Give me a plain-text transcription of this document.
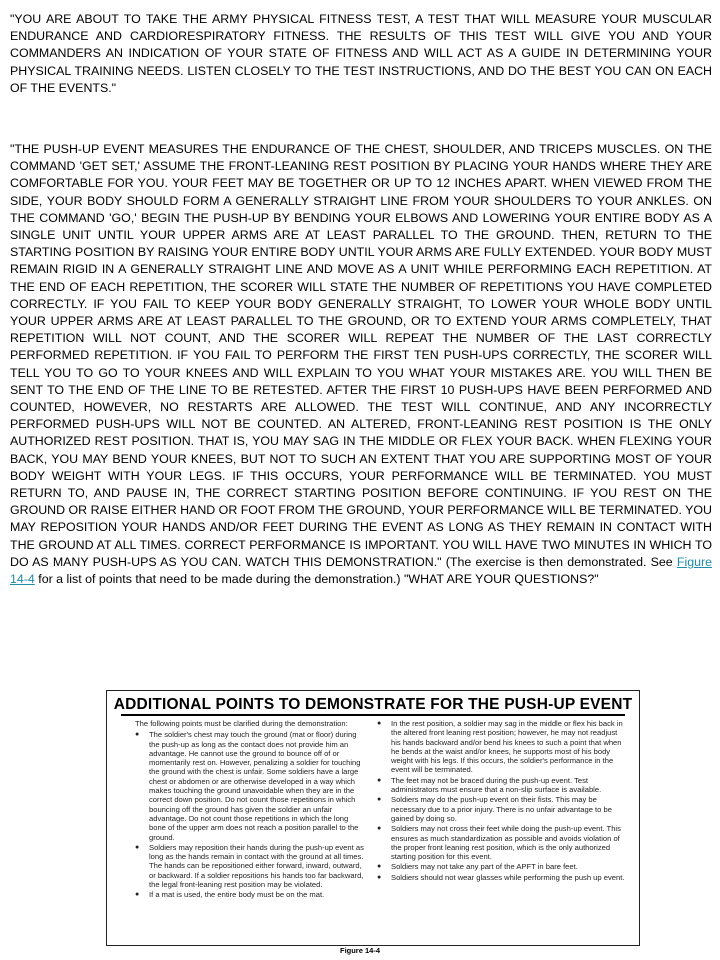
"YOU ARE ABOUT TO TAKE THE ARMY PHYSICAL FITNESS TEST, A TEST THAT WILL MEASURE YOUR MUSCULAR ENDURANCE AND CARDIORESPIRATORY FITNESS. THE RESULTS OF THIS TEST WILL GIVE YOU AND YOUR COMMANDERS AN INDICATION OF YOUR STATE OF FITNESS AND WILL ACT AS A GUIDE IN DETERMINING YOUR PHYSICAL TRAINING NEEDS. LISTEN CLOSELY TO THE TEST INSTRUCTIONS, AND DO THE BEST YOU CAN ON EACH OF THE EVENTS."

"THE PUSH-UP EVENT MEASURES THE ENDURANCE OF THE CHEST, SHOULDER, AND TRICEPS MUSCLES. ON THE COMMAND 'GET SET,' ASSUME THE FRONT-LEANING REST POSITION BY PLACING YOUR HANDS WHERE THEY ARE COMFORTABLE FOR YOU. YOUR FEET MAY BE TOGETHER OR UP TO 12 INCHES APART. WHEN VIEWED FROM THE SIDE, YOUR BODY SHOULD FORM A GENERALLY STRAIGHT LINE FROM YOUR SHOULDERS TO YOUR ANKLES. ON THE COMMAND 'GO,' BEGIN THE PUSH-UP BY BENDING YOUR ELBOWS AND LOWERING YOUR ENTIRE BODY AS A SINGLE UNIT UNTIL YOUR UPPER ARMS ARE AT LEAST PARALLEL TO THE GROUND. THEN, RETURN TO THE STARTING POSITION BY RAISING YOUR ENTIRE BODY UNTIL YOUR ARMS ARE FULLY EXTENDED. YOUR BODY MUST REMAIN RIGID IN A GENERALLY STRAIGHT LINE AND MOVE AS A UNIT WHILE PERFORMING EACH REPETITION. AT THE END OF EACH REPETITION, THE SCORER WILL STATE THE NUMBER OF REPETITIONS YOU HAVE COMPLETED CORRECTLY. IF YOU FAIL TO KEEP YOUR BODY GENERALLY STRAIGHT, TO LOWER YOUR WHOLE BODY UNTIL YOUR UPPER ARMS ARE AT LEAST PARALLEL TO THE GROUND, OR TO EXTEND YOUR ARMS COMPLETELY, THAT REPETITION WILL NOT COUNT, AND THE SCORER WILL REPEAT THE NUMBER OF THE LAST CORRECTLY PERFORMED REPETITION. IF YOU FAIL TO PERFORM THE FIRST TEN PUSH-UPS CORRECTLY, THE SCORER WILL TELL YOU TO GO TO YOUR KNEES AND WILL EXPLAIN TO YOU WHAT YOUR MISTAKES ARE. YOU WILL THEN BE SENT TO THE END OF THE LINE TO BE RETESTED. AFTER THE FIRST 10 PUSH-UPS HAVE BEEN PERFORMED AND COUNTED, HOWEVER, NO RESTARTS ARE ALLOWED. THE TEST WILL CONTINUE, AND ANY INCORRECTLY PERFORMED PUSH-UPS WILL NOT BE COUNTED. AN ALTERED, FRONT-LEANING REST POSITION IS THE ONLY AUTHORIZED REST POSITION. THAT IS, YOU MAY SAG IN THE MIDDLE OR FLEX YOUR BACK. WHEN FLEXING YOUR BACK, YOU MAY BEND YOUR KNEES, BUT NOT TO SUCH AN EXTENT THAT YOU ARE SUPPORTING MOST OF YOUR BODY WEIGHT WITH YOUR LEGS. IF THIS OCCURS, YOUR PERFORMANCE WILL BE TERMINATED. YOU MUST RETURN TO, AND PAUSE IN, THE CORRECT STARTING POSITION BEFORE CONTINUING. IF YOU REST ON THE GROUND OR RAISE EITHER HAND OR FOOT FROM THE GROUND, YOUR PERFORMANCE WILL BE TERMINATED. YOU MAY REPOSITION YOUR HANDS AND/OR FEET DURING THE EVENT AS LONG AS THEY REMAIN IN CONTACT WITH THE GROUND AT ALL TIMES. CORRECT PERFORMANCE IS IMPORTANT. YOU WILL HAVE TWO MINUTES IN WHICH TO DO AS MANY PUSH-UPS AS YOU CAN. WATCH THIS DEMONSTRATION." (The exercise is then demonstrated. See Figure 14-4 for a list of points that need to be made during the demonstration.) "WHAT ARE YOUR QUESTIONS?"

ADDITIONAL POINTS TO DEMONSTRATE FOR THE PUSH-UP EVENT

The following points must be clarified during the demonstration:

● The soldier's chest may touch the ground (mat or floor) during the push-up as long as the contact does not provide him an advantage. He cannot use the ground to bounce off of or momentarily rest on. However, penalizing a soldier for touching the ground with the chest is unfair. Some soldiers have a large chest or abdomen or are otherwise developed in a way which makes touching the ground unavoidable when they are in the correct down position. Do not count those repetitions in which bouncing off the ground has given the soldier an unfair advantage. Do not count those repetitions in which the long bone of the upper arm does not reach a position parallel to the ground.

● Soldiers may reposition their hands during the push-up event as long as the hands remain in contact with the ground at all times. The hands can be repositioned either forward, inward, outward, or backward. If a soldier repositions his hands too far backward, the legal front-leaning rest position may be violated.

● If a mat is used, the entire body must be on the mat.

● In the rest position, a soldier may sag in the middle or flex his back in the altered front leaning rest position; however, he may not readjust his hands backward and/or bend his knees to such a point that when he bends at the waist and/or knees, he supports most of his body weight with his legs. If this occurs, the soldier's performance in the event will be terminated.

● The feet may not be braced during the push-up event. Test administrators must ensure that a non-slip surface is available.

● Soldiers may do the push-up event on their fists. This may be necessary due to a prior injury. There is no unfair advantage to be gained by doing so.

● Soldiers may not cross their feet while doing the push-up event. This ensures as much standardization as possible and avoids violation of the proper front leaning rest position, which is the only authorized starting position for this event.

● Soldiers may not take any part of the APFT in bare feet.

● Soldiers should not wear glasses while performing the push up event.

Figure 14-4
